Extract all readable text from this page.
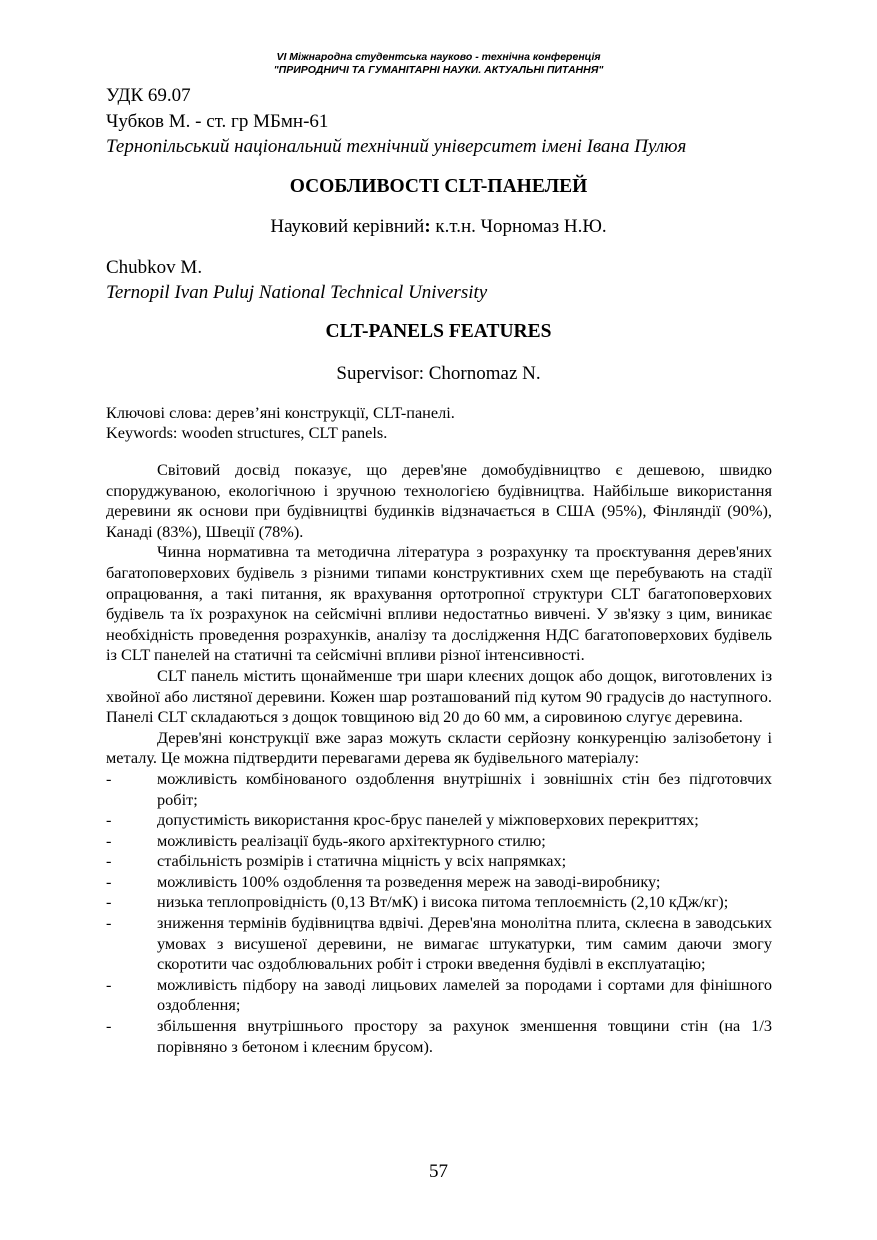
VI Міжнародна студентська науково - технічна конференція
"ПРИРОДНИЧІ ТА ГУМАНІТАРНІ НАУКИ. АКТУАЛЬНІ ПИТАННЯ"
УДК 69.07
Чубков М. - ст. гр МБмн-61
Тернопільський національний технічний університет імені Івана Пулюя
ОСОБЛИВОСТІ CLT-ПАНЕЛЕЙ
Науковий керівний: к.т.н. Чорномаз Н.Ю.
Chubkov M.
Ternopil Ivan Puluj National Technical University
CLT-PANELS FEATURES
Supervisor: Chornomaz N.
Ключові слова: дерев’яні конструкції, CLT-панелі.
Keywords: wooden structures, CLT panels.

Світовий досвід показує, що дерев'яне домобудівництво є дешевою, швидко споруджуваною, екологічною і зручною технологією будівництва. Найбільше використання деревини як основи при будівництві будинків відзначається в США (95%), Фінляндії (90%), Канаді (83%), Швеції (78%).

Чинна нормативна та методична література з розрахунку та проєктування дерев'яних багатоповерхових будівель з різними типами конструктивних схем ще перебувають на стадії опрацювання, а такі питання, як врахування ортотропної структури CLT багатоповерхових будівель та їх розрахунок на сейсмічні впливи недостатньо вивчені. У зв'язку з цим, виникає необхідність проведення розрахунків, аналізу та дослідження НДС багатоповерхових будівель із CLT панелей на статичні та сейсмічні впливи різної інтенсивності.

CLT панель містить щонайменше три шари клеєних дощок або дощок, виготовлених із хвойної або листяної деревини. Кожен шар розташований під кутом 90 градусів до наступного. Панелі CLT складаються з дощок товщиною від 20 до 60 мм, а сировиною слугує деревина.

Дерев'яні конструкції вже зараз можуть скласти серйозну конкуренцію залізобетону і металу. Це можна підтвердити перевагами дерева як будівельного матеріалу:

-	можливість комбінованого оздоблення внутрішніх і зовнішніх стін без підготовчих робіт;
-	допустимість використання крос-брус панелей у міжповерхових перекриттях;
-	можливість реалізації будь-якого архітектурного стилю;
-	стабільність розмірів і статична міцність у всіх напрямках;
-	можливість 100% оздоблення та розведення мереж на заводі-виробнику;
-	низька теплопровідність (0,13 Вт/мК) і висока питома теплоємність (2,10 кДж/кг);
-	зниження термінів будівництва вдвічі. Дерев'яна монолітна плита, склеєна в заводських умовах з висушеної деревини, не вимагає штукатурки, тим самим даючи змогу скоротити час оздоблювальних робіт і строки введення будівлі в експлуатацію;
-	можливість підбору на заводі лицьових ламелей за породами і сортами для фінішного оздоблення;
-	збільшення внутрішнього простору за рахунок зменшення товщини стін (на 1/3 порівняно з бетоном і клеєним брусом).
57
